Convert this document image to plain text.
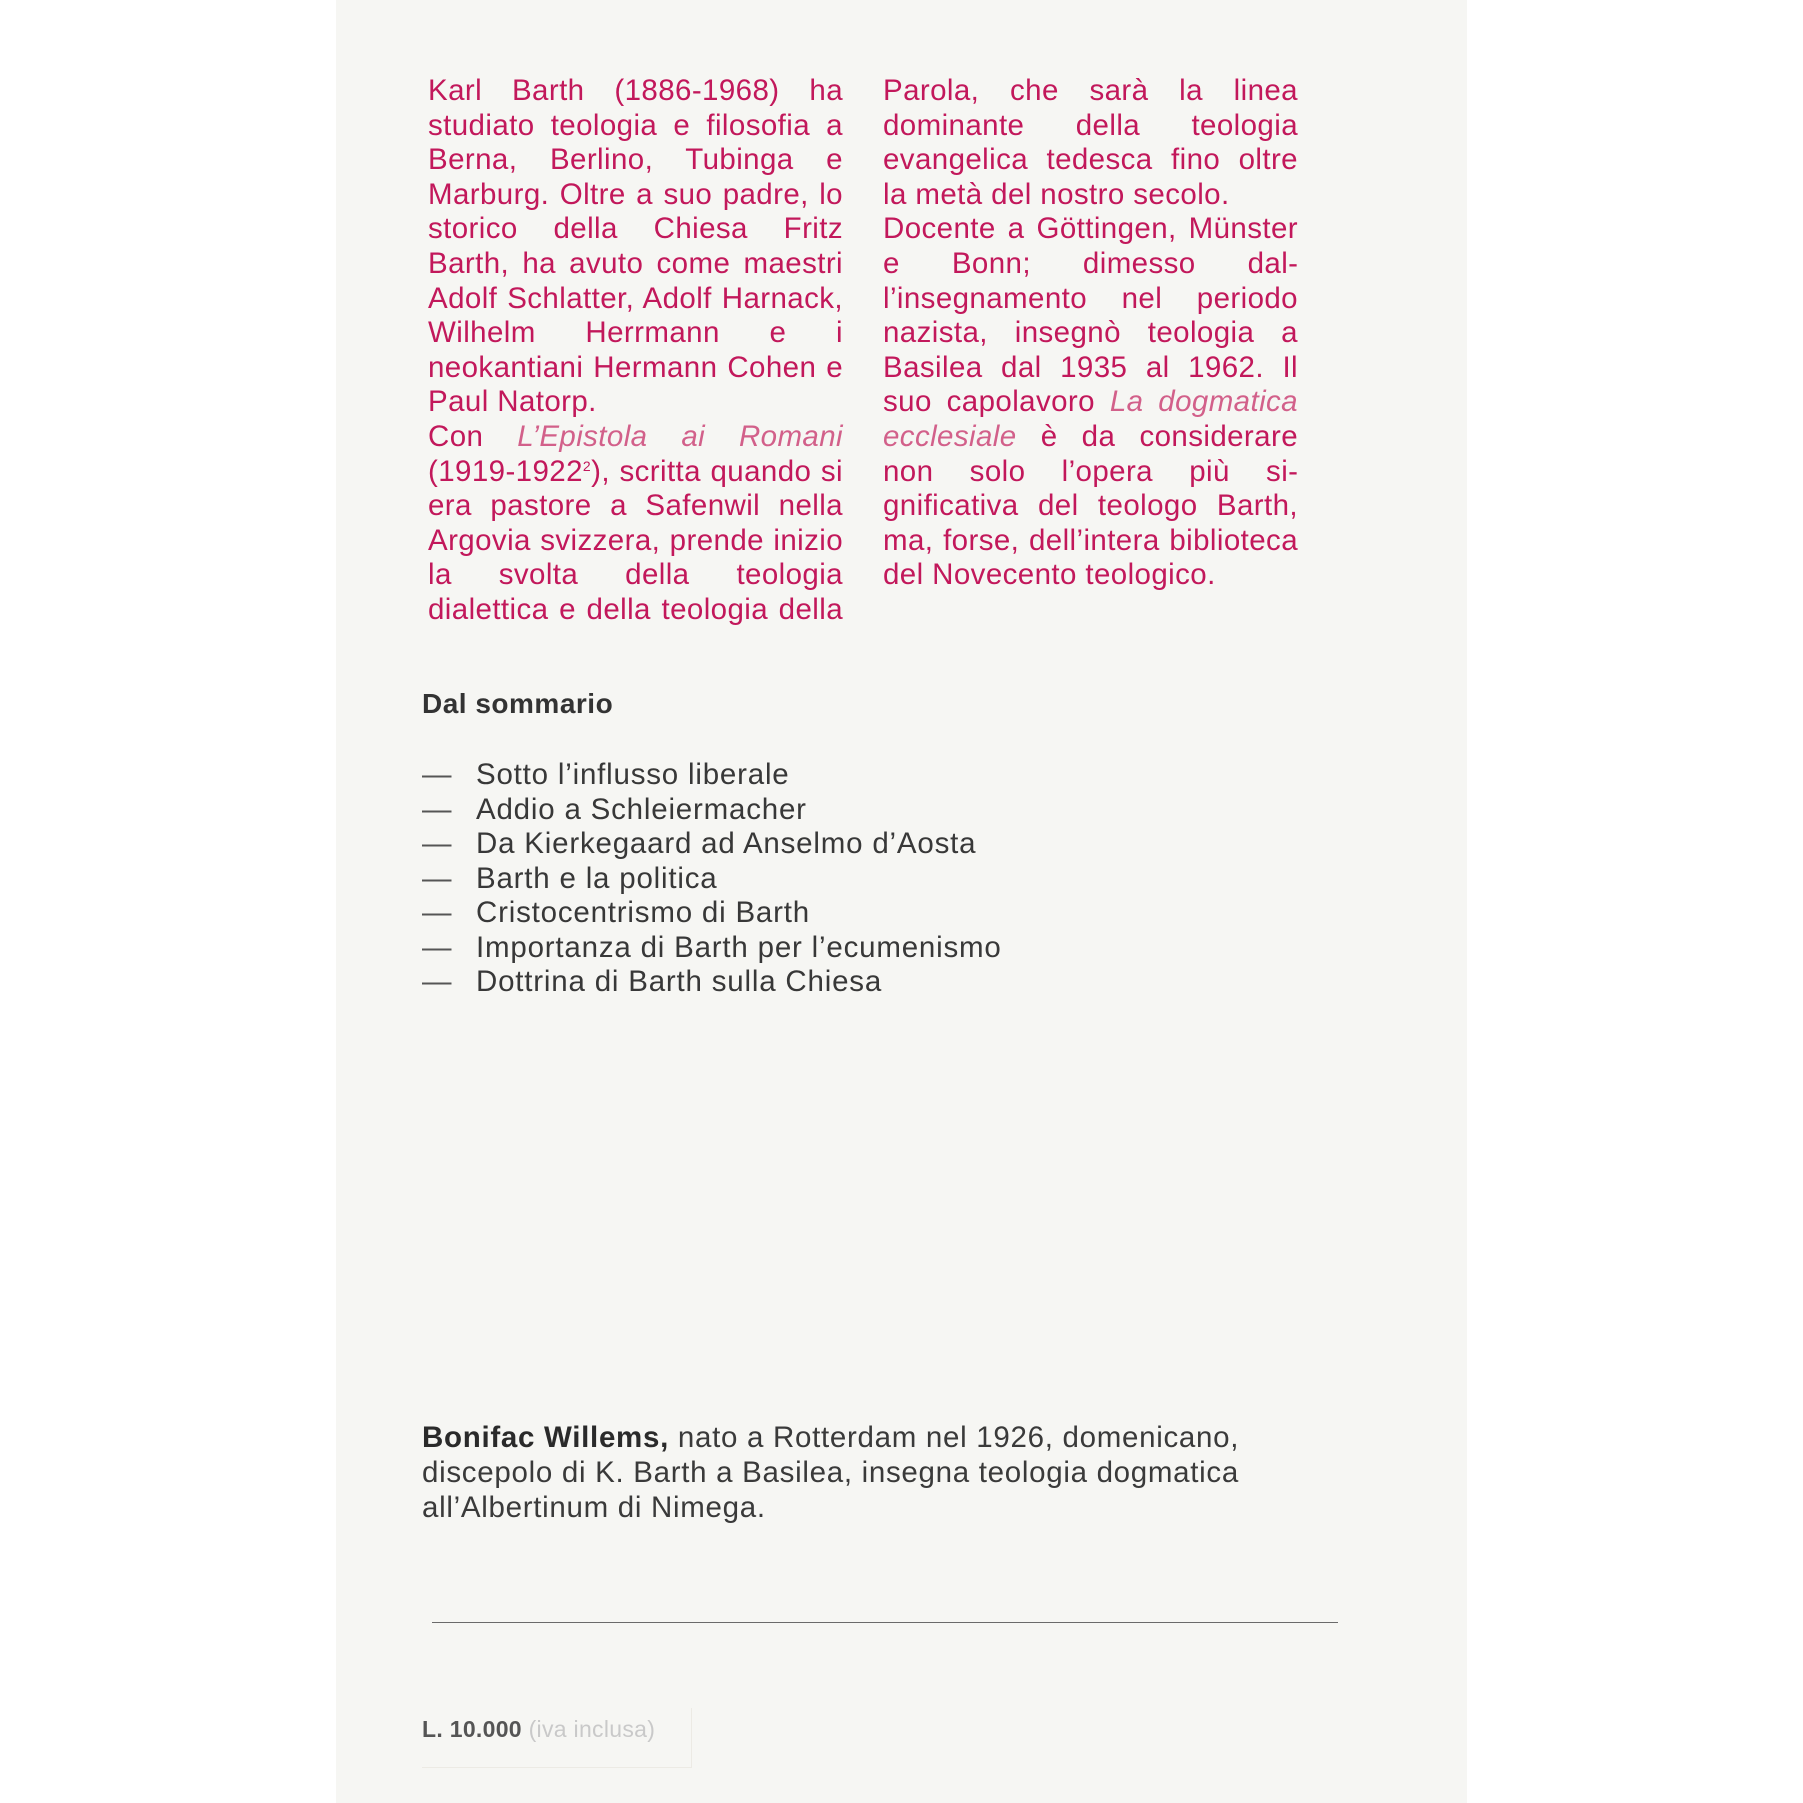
Karl Barth (1886-1968) ha studiato teologia e filosofia a Berna, Berlino, Tubinga e Marburg. Oltre a suo padre, lo storico della Chiesa Fritz Barth, ha avuto come maestri Adolf Schlatter, Adolf Harnack, Wilhelm Herrmann e i neokantiani Hermann Cohen e Paul Natorp.

Con L’Epistola ai Romani (1919-1922$^2$), scritta quando si era pastore a Safenwil nella Argovia svizzera, prende inizio la svolta della teologia dialettica e della teologia della Parola, che sarà la linea dominante della teologia evangelica tedesca fino oltre la metà del nostro secolo.

Docente a Göttingen, Münster e Bonn; dimesso dall’insegnamento nel periodo nazista, insegnò teologia a Basilea dal 1935 al 1962. Il suo capolavoro La dogmatica ecclesiale è da considerare non solo l’opera più significativa del teologo Barth, ma, forse, dell’intera biblioteca del Novecento teologico.

Dal sommario
— Sotto l’influsso liberale
— Addio a Schleiermacher
— Da Kierkegaard ad Anselmo d’Aosta
— Barth e la politica
— Cristocentrismo di Barth
— Importanza di Barth per l’ecumenismo
— Dottrina di Barth sulla Chiesa

Bonifac Willems, nato a Rotterdam nel 1926, domenicano, discepolo di K. Barth a Basilea, insegna teologia dogmatica all’Albertinum di Nimega.

L. 10.000 (iva inclusa)
